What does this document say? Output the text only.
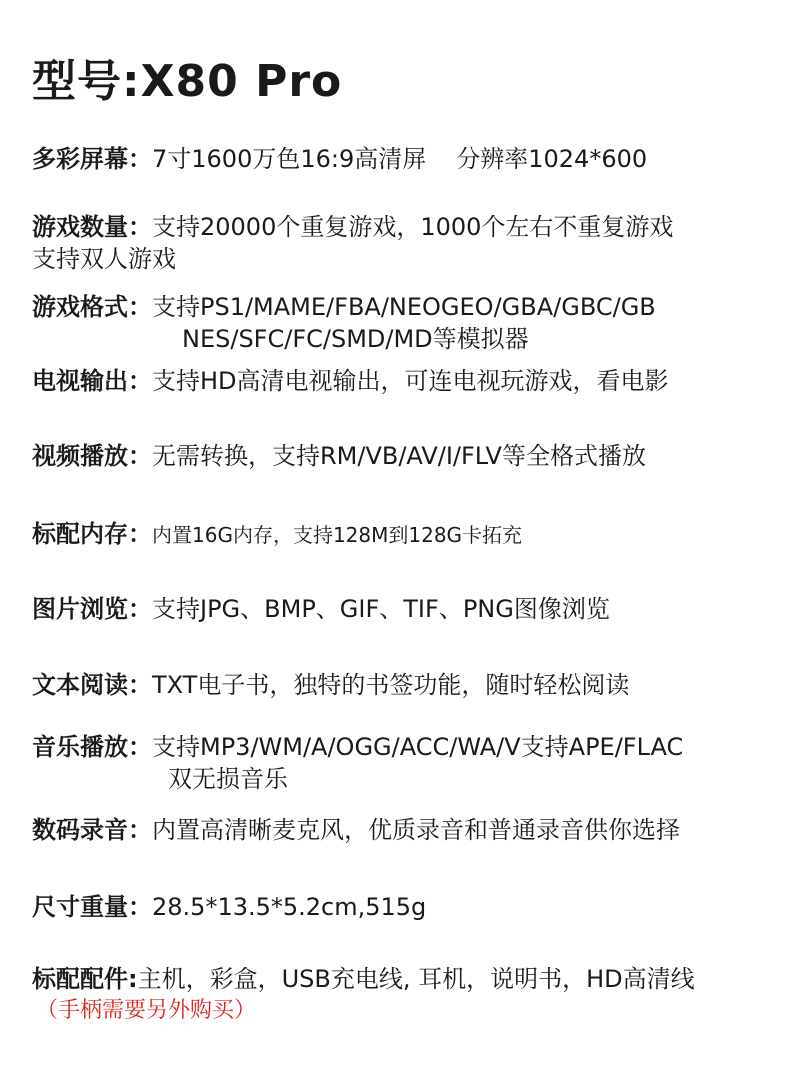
型号:X80 Pro
多彩屏幕：7寸1600万色16:9高清屏 分辨率1024*600
游戏数量：支持20000个重复游戏，1000个左右不重复游戏
支持双人游戏
游戏格式：支持PS1/MAME/FBA/NEOGEO/GBA/GBC/GB
NES/SFC/FC/SMD/MD等模拟器
电视输出：支持HD高清电视输出，可连电视玩游戏，看电影
视频播放：无需转换，支持RM/VB/AV/I/FLV等全格式播放
标配内存：内置16G内存，支持128M到128G卡拓充
图片浏览：支持JPG、BMP、GIF、TIF、PNG图像浏览
文本阅读：TXT电子书，独特的书签功能，随时轻松阅读
音乐播放：支持MP3/WM/A/OGG/ACC/WA/V支持APE/FLAC
双无损音乐
数码录音：内置高清晰麦克风，优质录音和普通录音供你选择
尺寸重量：28.5*13.5*5.2cm,515g
标配配件:主机，彩盒，USB充电线, 耳机，说明书，HD高清线
（手柄需要另外购买）
